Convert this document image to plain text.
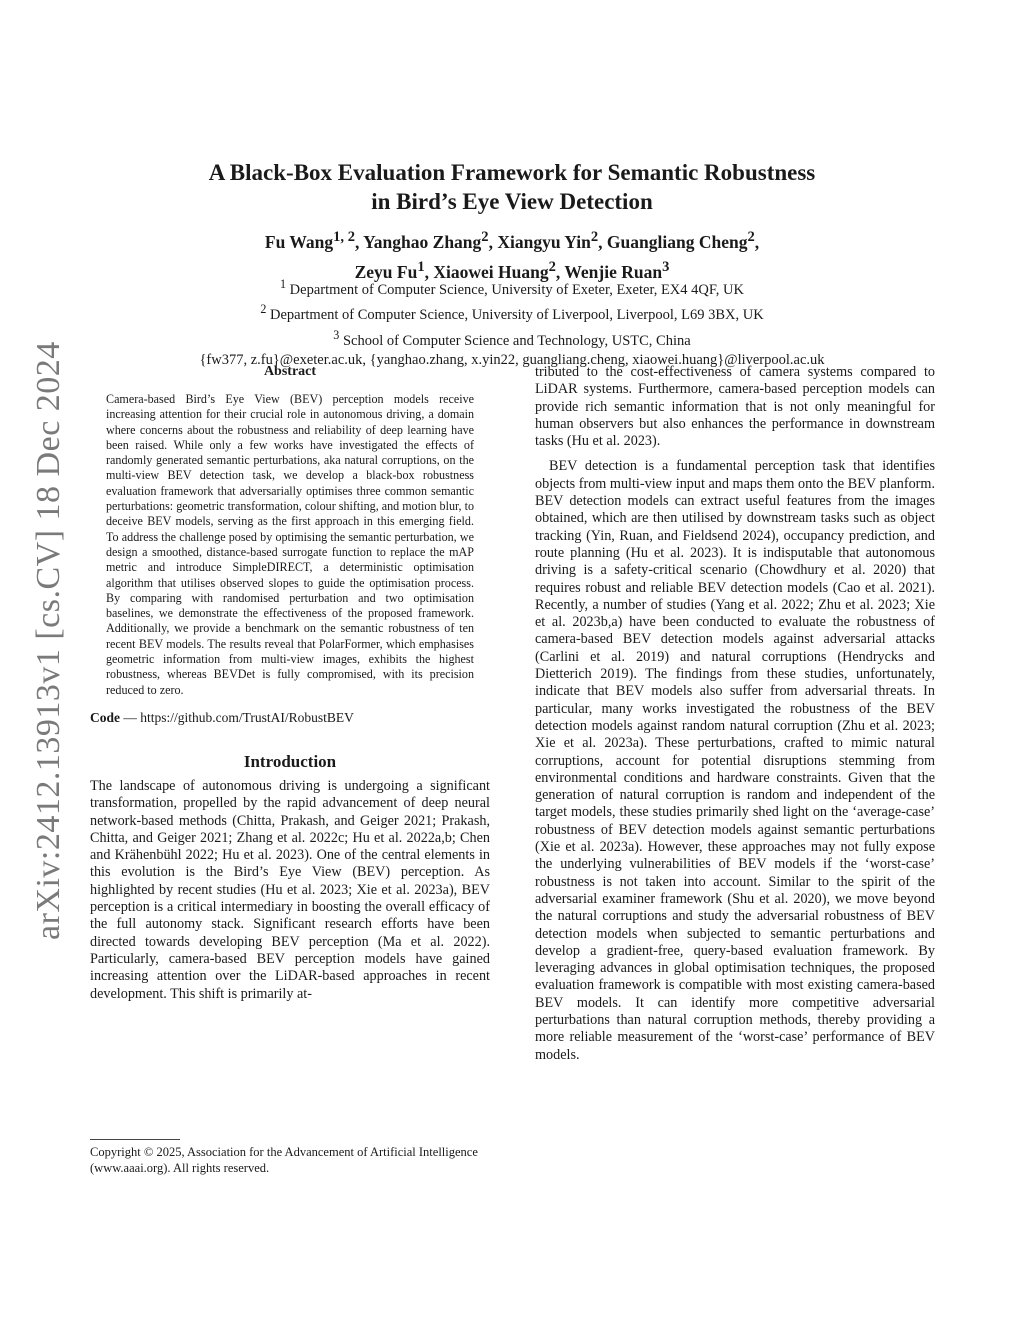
arXiv:2412.13913v1 [cs.CV] 18 Dec 2024
A Black-Box Evaluation Framework for Semantic Robustness
in Bird’s Eye View Detection
Fu Wang$^{1, 2}$, Yanghao Zhang$^2$, Xiangyu Yin$^2$, Guangliang Cheng$^2$,
Zeyu Fu$^1$, Xiaowei Huang$^2$, Wenjie Ruan$^3$
$^1$ Department of Computer Science, University of Exeter, Exeter, EX4 4QF, UK
$^2$ Department of Computer Science, University of Liverpool, Liverpool, L69 3BX, UK
$^3$ School of Computer Science and Technology, USTC, China
{fw377, z.fu}@exeter.ac.uk, {yanghao.zhang, x.yin22, guangliang.cheng, xiaowei.huang}@liverpool.ac.uk
Abstract

Camera-based Bird’s Eye View (BEV) perception models receive increasing attention for their crucial role in autonomous driving, a domain where concerns about the robustness and reliability of deep learning have been raised. While only a few works have investigated the effects of randomly generated semantic perturbations, aka natural corruptions, on the multi-view BEV detection task, we develop a black-box robustness evaluation framework that adversarially optimises three common semantic perturbations: geometric transformation, colour shifting, and motion blur, to deceive BEV models, serving as the first approach in this emerging field. To address the challenge posed by optimising the semantic perturbation, we design a smoothed, distance-based surrogate function to replace the mAP metric and introduce SimpleDIRECT, a deterministic optimisation algorithm that utilises observed slopes to guide the optimisation process. By comparing with randomised perturbation and two optimisation baselines, we demonstrate the effectiveness of the proposed framework. Additionally, we provide a benchmark on the semantic robustness of ten recent BEV models. The results reveal that PolarFormer, which emphasises geometric information from multi-view images, exhibits the highest robustness, whereas BEVDet is fully compromised, with its precision reduced to zero.

Code — https://github.com/TrustAI/RobustBEV

Introduction

The landscape of autonomous driving is undergoing a significant transformation, propelled by the rapid advancement of deep neural network-based methods (Chitta, Prakash, and Geiger 2021; Prakash, Chitta, and Geiger 2021; Zhang et al. 2022c; Hu et al. 2022a,b; Chen and Krähenbühl 2022; Hu et al. 2023). One of the central elements in this evolution is the Bird’s Eye View (BEV) perception. As highlighted by recent studies (Hu et al. 2023; Xie et al. 2023a), BEV perception is a critical intermediary in boosting the overall efficacy of the full autonomy stack. Significant research efforts have been directed towards developing BEV perception (Ma et al. 2022). Particularly, camera-based BEV perception models have gained increasing attention over the LiDAR-based approaches in recent development. This shift is primarily at-

Copyright © 2025, Association for the Advancement of Artificial Intelligence (www.aaai.org). All rights reserved.

tributed to the cost-effectiveness of camera systems compared to LiDAR systems. Furthermore, camera-based perception models can provide rich semantic information that is not only meaningful for human observers but also enhances the performance in downstream tasks (Hu et al. 2023).

BEV detection is a fundamental perception task that identifies objects from multi-view input and maps them onto the BEV planform. BEV detection models can extract useful features from the images obtained, which are then utilised by downstream tasks such as object tracking (Yin, Ruan, and Fieldsend 2024), occupancy prediction, and route planning (Hu et al. 2023). It is indisputable that autonomous driving is a safety-critical scenario (Chowdhury et al. 2020) that requires robust and reliable BEV detection models (Cao et al. 2021). Recently, a number of studies (Yang et al. 2022; Zhu et al. 2023; Xie et al. 2023b,a) have been conducted to evaluate the robustness of camera-based BEV detection models against adversarial attacks (Carlini et al. 2019) and natural corruptions (Hendrycks and Dietterich 2019). The findings from these studies, unfortunately, indicate that BEV models also suffer from adversarial threats. In particular, many works investigated the robustness of the BEV detection models against random natural corruption (Zhu et al. 2023; Xie et al. 2023a). These perturbations, crafted to mimic natural corruptions, account for potential disruptions stemming from environmental conditions and hardware constraints. Given that the generation of natural corruption is random and independent of the target models, these studies primarily shed light on the ‘average-case’ robustness of BEV detection models against semantic perturbations (Xie et al. 2023a). However, these approaches may not fully expose the underlying vulnerabilities of BEV models if the ‘worst-case’ robustness is not taken into account. Similar to the spirit of the adversarial examiner framework (Shu et al. 2020), we move beyond the natural corruptions and study the adversarial robustness of BEV detection models when subjected to semantic perturbations and develop a gradient-free, query-based evaluation framework. By leveraging advances in global optimisation techniques, the proposed evaluation framework is compatible with most existing camera-based BEV models. It can identify more competitive adversarial perturbations than natural corruption methods, thereby providing a more reliable measurement of the ‘worst-case’ performance of BEV models.
